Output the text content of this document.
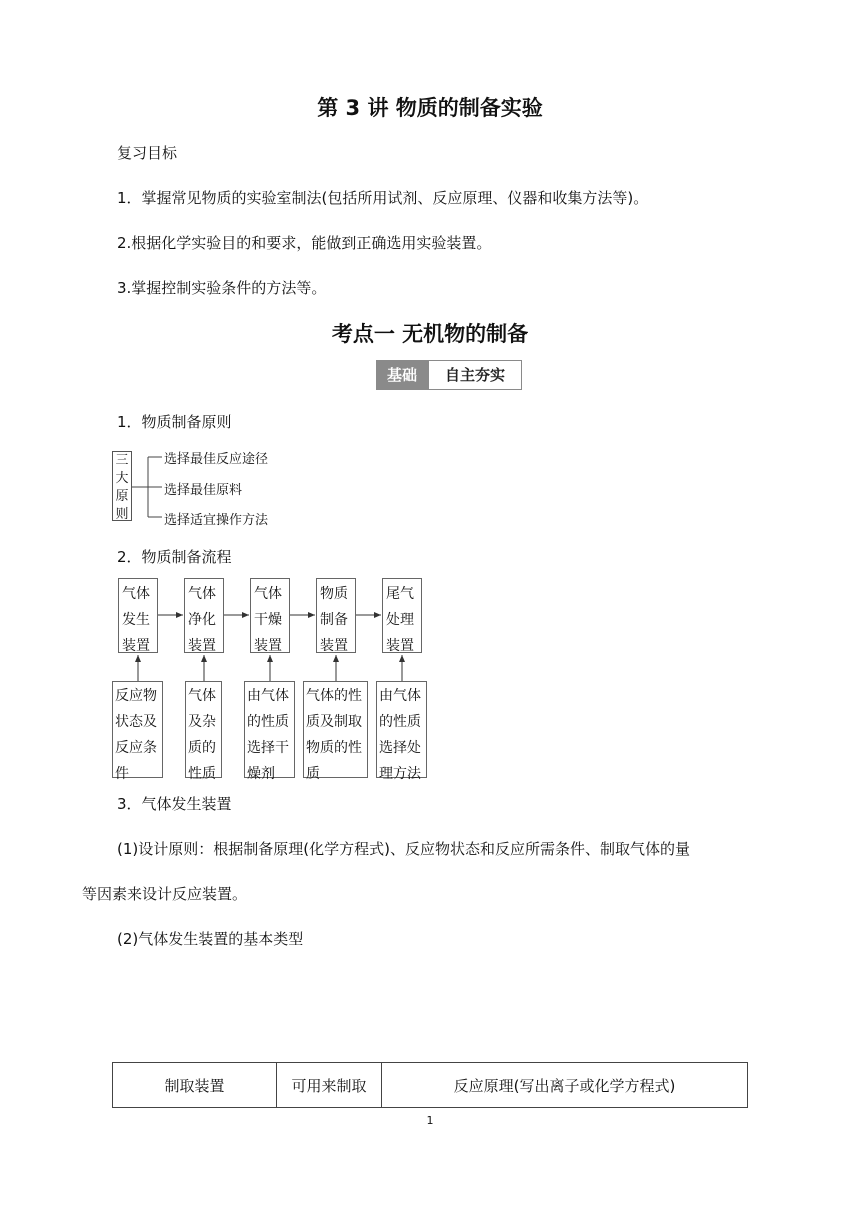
第 3 讲 物质的制备实验
复习目标
1．掌握常见物质的实验室制法(包括所用试剂、反应原理、仪器和收集方法等)。
2.根据化学实验目的和要求，能做到正确选用实验装置。
3.掌握控制实验条件的方法等。
考点一 无机物的制备
基础	自主夯实
1．物质制备原则
三
大
原
则
选择最佳反应途径
选择最佳原料
选择适宜操作方法
2．物质制备流程
气体
发生
装置
气体
净化
装置
气体
干燥
装置
物质
制备
装置
尾气
处理
装置
反应物
状态及
反应条
件
气体
及杂
质的
性质
由气体
的性质
选择干
燥剂
气体的性
质及制取
物质的性
质
由气体
的性质
选择处
理方法
3．气体发生装置
(1)设计原则：根据制备原理(化学方程式)、反应物状态和反应所需条件、制取气体的量
等因素来设计反应装置。
(2)气体发生装置的基本类型
制取装置	可用来制取	反应原理(写出离子或化学方程式)
1
